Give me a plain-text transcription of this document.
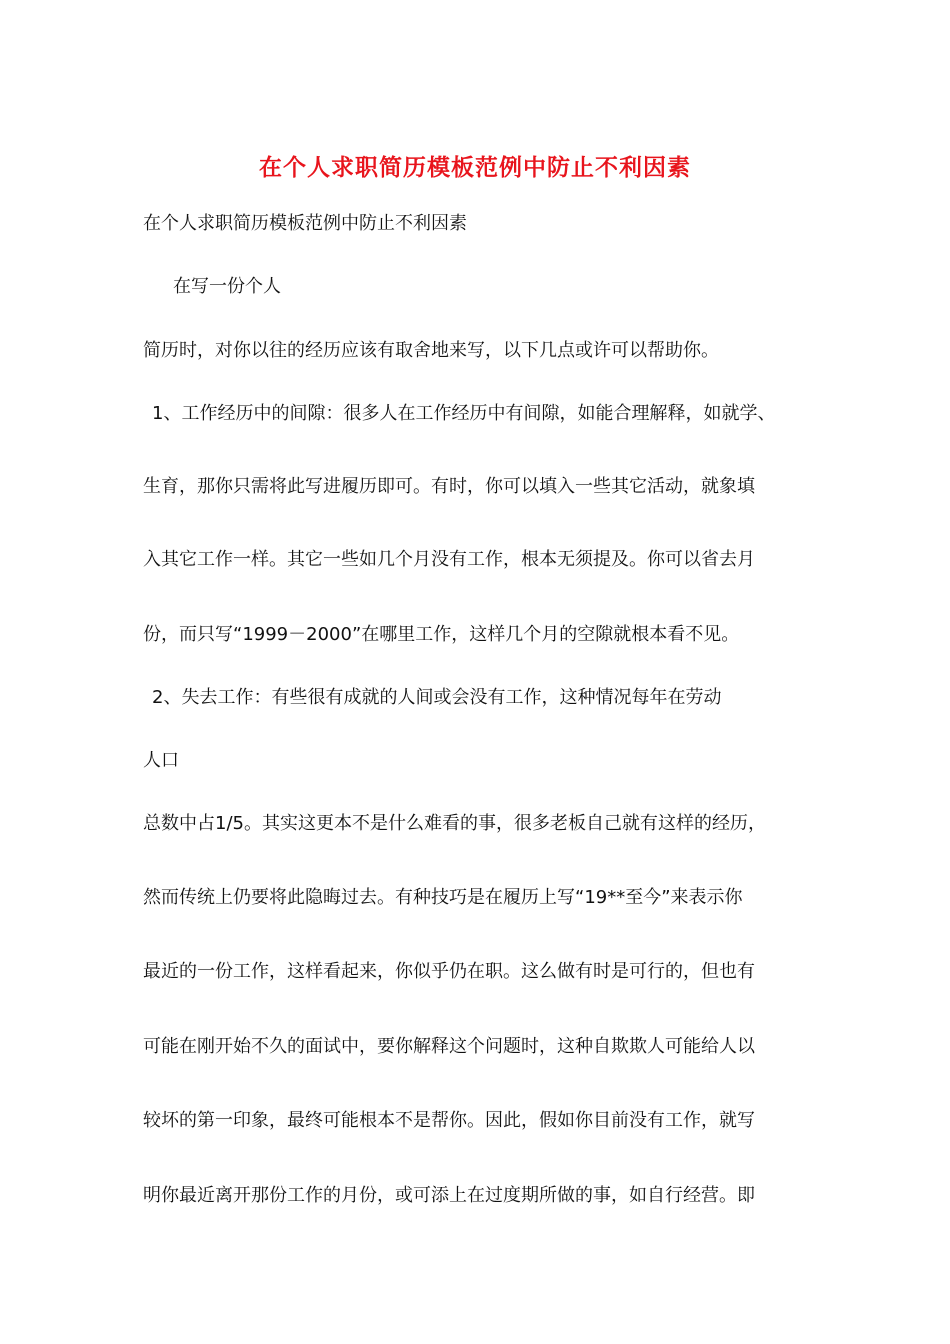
在个人求职简历模板范例中防止不利因素
在个人求职简历模板范例中防止不利因素
在写一份个人
简历时，对你以往的经历应该有取舍地来写，以下几点或许可以帮助你。
1、工作经历中的间隙：很多人在工作经历中有间隙，如能合理解释，如就学、
生育，那你只需将此写进履历即可。有时，你可以填入一些其它活动，就象填
入其它工作一样。其它一些如几个月没有工作，根本无须提及。你可以省去月
份，而只写“1999－2000”在哪里工作，这样几个月的空隙就根本看不见。
2、失去工作：有些很有成就的人间或会没有工作，这种情况每年在劳动
人口
总数中占1/5。其实这更本不是什么难看的事，很多老板自己就有这样的经历，
然而传统上仍要将此隐晦过去。有种技巧是在履历上写“19**至今”来表示你
最近的一份工作，这样看起来，你似乎仍在职。这么做有时是可行的，但也有
可能在刚开始不久的面试中，要你解释这个问题时，这种自欺欺人可能给人以
较坏的第一印象，最终可能根本不是帮你。因此，假如你目前没有工作，就写
明你最近离开那份工作的月份，或可添上在过度期所做的事，如自行经营。即
